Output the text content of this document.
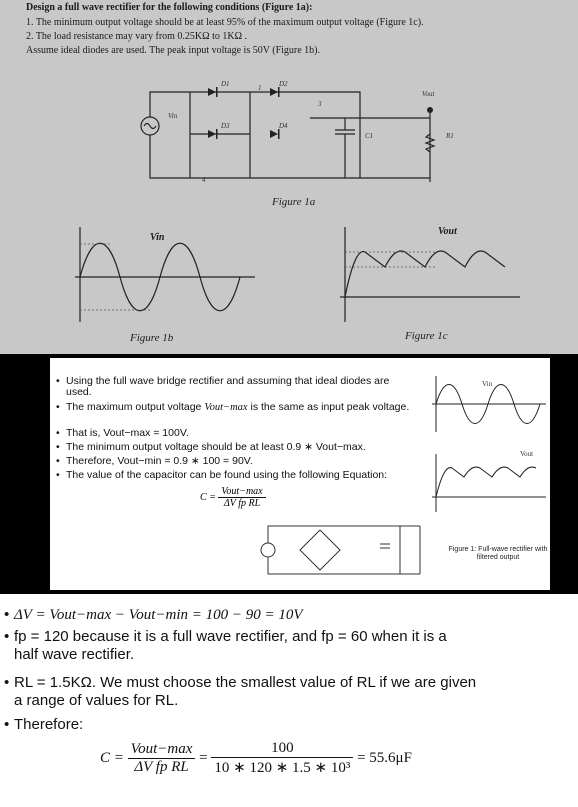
Design a full wave rectifier for the following conditions (Figure 1a):
1. The minimum output voltage should be at least 95% of the maximum output voltage (Figure 1c).
2. The load resistance may vary from 0.25KΩ to 1KΩ .
Assume ideal diodes are used. The peak input voltage is 50V (Figure 1b).
D1	D2
D3	D4
1
3
4
Vin
Vout
C1	R1
Figure 1a
Vin
Figure 1b
Vout
Figure 1c
• Using the full wave bridge rectifier and assuming that ideal diodes are used.
• The maximum output voltage Vout−max is the same as input peak voltage.
• That is, Vout−max = 100V.
• The minimum output voltage should be at least 0.9 ∗ Vout−max.
• Therefore, Vout−min = 0.9 ∗ 100 = 90V.
• The value of the capacitor can be found using the following Equation:
$C = \frac{\text{Vout−max}}{\text{ΔV fp RL}}$
Vin
Vout
Figure 1: Full-wave rectifier with filtered output
• ΔV = Vout−max − Vout−min = 100 − 90 = 10V
• fp = 120 because it is a full wave rectifier, and fp = 60 when it is a
half wave rectifier.
• RL = 1.5KΩ. We must choose the smallest value of RL if we are given
a range of values for RL.
• Therefore:
$C = \frac{\text{Vout−max}}{\text{ΔV fp RL}} = \frac{100}{\text{10 ∗ 120 ∗ 1.5 ∗ 10³}} = 55.6\mu F$
